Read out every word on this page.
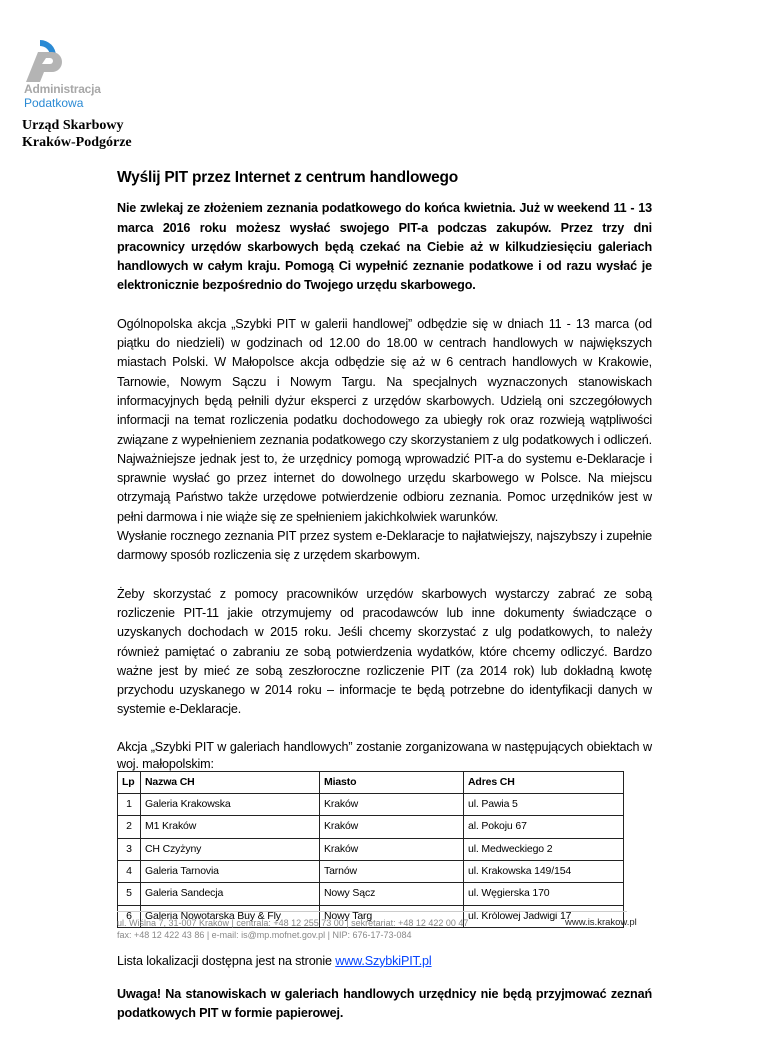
Administracja
Podatkowa
Urząd Skarbowy
Kraków-Podgórze
Wyślij PIT przez Internet z centrum handlowego

Nie zwlekaj ze złożeniem zeznania podatkowego do końca kwietnia. Już w weekend 11 - 13 marca 2016 roku możesz wysłać swojego PIT-a podczas zakupów. Przez trzy dni pracownicy urzędów skarbowych będą czekać na Ciebie aż w kilkudziesięciu galeriach handlowych w całym kraju. Pomogą Ci wypełnić zeznanie podatkowe i od razu wysłać je elektronicznie bezpośrednio do Twojego urzędu skarbowego.

Ogólnopolska akcja „Szybki PIT w galerii handlowej” odbędzie się w dniach 11 - 13 marca (od piątku do niedzieli) w godzinach od 12.00 do 18.00 w centrach handlowych w największych miastach Polski. W Małopolsce akcja odbędzie się aż w 6 centrach handlowych w Krakowie, Tarnowie, Nowym Sączu i Nowym Targu. Na specjalnych wyznaczonych stanowiskach informacyjnych będą pełnili dyżur eksperci z urzędów skarbowych. Udzielą oni szczegółowych informacji na temat rozliczenia podatku dochodowego za ubiegły rok oraz rozwieją wątpliwości związane z wypełnieniem zeznania podatkowego czy skorzystaniem z ulg podatkowych i odliczeń. Najważniejsze jednak jest to, że urzędnicy pomogą wprowadzić PIT-a do systemu e-Deklaracje i sprawnie wysłać go przez internet do dowolnego urzędu skarbowego w Polsce. Na miejscu otrzymają Państwo także urzędowe potwierdzenie odbioru zeznania. Pomoc urzędników jest w pełni darmowa i nie wiąże się ze spełnieniem jakichkolwiek warunków.

Wysłanie rocznego zeznania PIT przez system e-Deklaracje to najłatwiejszy, najszybszy i zupełnie darmowy sposób rozliczenia się z urzędem skarbowym.

Żeby skorzystać z pomocy pracowników urzędów skarbowych wystarczy zabrać ze sobą rozliczenie PIT-11 jakie otrzymujemy od pracodawców lub inne dokumenty świadczące o uzyskanych dochodach w 2015 roku. Jeśli chcemy skorzystać z ulg podatkowych, to należy również pamiętać o zabraniu ze sobą potwierdzenia wydatków, które chcemy odliczyć. Bardzo ważne jest by mieć ze sobą zeszłoroczne rozliczenie PIT (za 2014 rok) lub dokładną kwotę przychodu uzyskanego w 2014 roku – informacje te będą potrzebne do identyfikacji danych w systemie e-Deklaracje.

Akcja „Szybki PIT w galeriach handlowych” zostanie zorganizowana w następujących obiektach w woj. małopolskim:

Lp	Nazwa CH	Miasto	Adres CH
1	Galeria Krakowska	Kraków	ul. Pawia 5
2	M1 Kraków	Kraków	al. Pokoju 67
3	CH Czyżyny	Kraków	ul. Medweckiego 2
4	Galeria Tarnovia	Tarnów	ul. Krakowska 149/154
5	Galeria Sandecja	Nowy Sącz	ul. Węgierska 170
6	Galeria Nowotarska Buy & Fly	Nowy Targ	ul. Królowej Jadwigi 17

Lista lokalizacji dostępna jest na stronie www.SzybkiPIT.pl

Uwaga! Na stanowiskach w galeriach handlowych urzędnicy nie będą przyjmować zeznań podatkowych PIT w formie papierowej.

ul. Wiślna 7, 31-007 Kraków | centrala: +48 12 255 73 00 | sekretariat: +48 12 422 00 47
fax: +48 12 422 43 86 | e-mail: is@mp.mofnet.gov.pl | NIP: 676-17-73-084
www.is.krakow.pl
